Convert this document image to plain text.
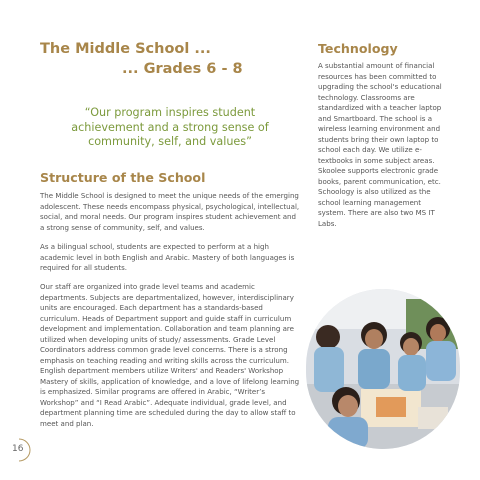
The Middle School ...
... Grades 6 - 8
“Our program inspires student achievement and a strong sense of community, self, and values”
Structure of the School
The Middle School is designed to meet the unique needs of the emerging adolescent. These needs encompass physical, psychological, intellectual, social, and moral needs. Our program inspires student achievement and a strong sense of community, self, and values.
As a bilingual school, students are expected to perform at a high academic level in both English and Arabic. Mastery of both languages is required for all students.
Our staff are organized into grade level teams and academic departments. Subjects are departmentalized, however, interdisciplinary units are encouraged. Each department has a standards-based curriculum. Heads of Department support and guide staff in curriculum development and implementation. Collaboration and team planning are utilized when developing units of study/ assessments. Grade Level Coordinators address common grade level concerns. There is a strong emphasis on teaching reading and writing skills across the curriculum. English department members utilize Writers' and Readers' Workshop Mastery of skills, application of knowledge, and a love of lifelong learning is emphasized. Similar programs are offered in Arabic, “Writer’s Workshop” and “I Read Arabic”. Adequate individual, grade level, and department planning time are scheduled during the day to allow staff to meet and plan.
Technology
A substantial amount of financial resources has been committed to upgrading the school's educational technology. Classrooms are standardized with a teacher laptop and Smartboard. The school is a wireless learning environment and students bring their own laptop to school each day. We utilize e-textbooks in some subject areas. Skoolee supports electronic grade books, parent communication, etc. Schoology is also utilized as the school learning management system. There are also two MS IT Labs.
16
